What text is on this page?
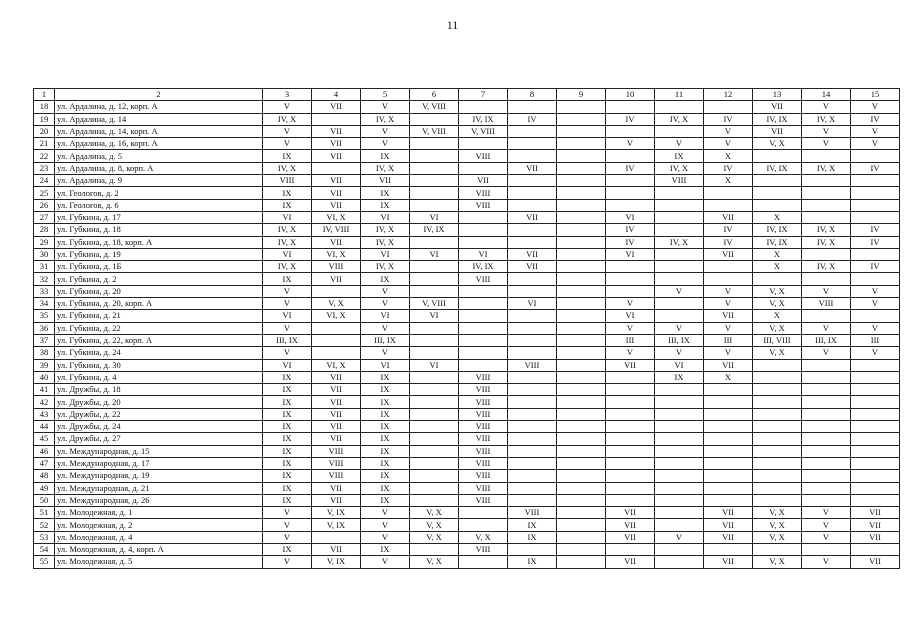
11
1	2	3	4	5	6	7	8	9	10	11	12	13	14	15
18	ул. Ардалина, д. 12, корп. А	V	VII	V	V, VIII							VII	V	V
19	ул. Ардалина, д. 14	IV, X		IV, X		IV, IX	IV		IV	IV, X	IV	IV, IX	IV, X	IV
20	ул. Ардалина, д. 14, корп. А	V	VII	V	V, VIII	V, VIII					V	VII	V	V
21	ул. Ардалина, д. 16, корп. А	V	VII	V					V	V	V	V, X	V	V
22	ул. Ардалина, д. 5	IX	VII	IX		VIII				IX	X			
23	ул. Ардалина, д. 8, корп. А	IV, X		IV, X			VII		IV	IV, X	IV	IV, IX	IV, X	IV
24	ул. Ардалина, д. 9	VIII	VII	VII		VII				VIII	X			
25	ул. Геологов, д. 2	IX	VII	IX		VIII								
26	ул. Геологов, д. 6	IX	VII	IX		VIII								
27	ул. Губкина, д. 17	VI	VI, X	VI	VI		VII		VI		VII	X		
28	ул. Губкина, д. 18	IV, X	IV, VIII	IV, X	IV, IX				IV		IV	IV, IX	IV, X	IV
29	ул. Губкина, д. 18, корп. А	IV, X	VII	IV, X					IV	IV, X	IV	IV, IX	IV, X	IV
30	ул. Губкина, д. 19	VI	VI, X	VI	VI	VI	VII		VI		VII	X		
31	ул. Губкина, д. 1Б	IV, X	VIII	IV, X		IV, IX	VII					X	IV, X	IV
32	ул. Губкина, д. 2	IX	VII	IX		VIII								
33	ул. Губкина, д. 20	V		V						V	V	V, X	V	V
34	ул. Губкина, д. 20, корп. А	V	V, X	V	V, VIII		VI		V		V	V, X	VIII	V
35	ул. Губкина, д. 21	VI	VI, X	VI	VI				VI		VII	X		
36	ул. Губкина, д. 22	V		V					V	V	V	V, X	V	V
37	ул. Губкина, д. 22, корп. А	III, IX		III, IX					III	III, IX	III	III, VIII	III, IX	III
38	ул. Губкина, д. 24	V		V					V	V	V	V, X	V	V
39	ул. Губкина, д. 30	VI	VI, X	VI	VI		VIII		VII	VI	VII			
40	ул. Губкина, д. 4	IX	VII	IX		VIII				IX	X			
41	ул. Дружбы, д. 18	IX	VII	IX		VIII								
42	ул. Дружбы, д. 20	IX	VII	IX		VIII								
43	ул. Дружбы, д. 22	IX	VII	IX		VIII								
44	ул. Дружбы, д. 24	IX	VII	IX		VIII								
45	ул. Дружбы, д. 27	IX	VII	IX		VIII								
46	ул. Международная, д. 15	IX	VIII	IX		VIII								
47	ул. Международная, д. 17	IX	VIII	IX		VIII								
48	ул. Международная, д. 19	IX	VIII	IX		VIII								
49	ул. Международная, д. 21	IX	VII	IX		VIII								
50	ул. Международная, д. 26	IX	VII	IX		VIII								
51	ул. Молодежная, д. 1	V	V, IX	V	V, X		VIII		VII		VII	V, X	V	VII
52	ул. Молодежная, д. 2	V	V, IX	V	V, X		IX		VII		VII	V, X	V	VII
53	ул. Молодежная, д. 4	V		V	V, X	V, X	IX		VII	V	VII	V, X	V	VII
54	ул. Молодежная, д. 4, корп. А	IX	VII	IX		VIII								
55	ул. Молодежная, д. 5	V	V, IX	V	V, X		IX		VII		VII	V, X	V	VII
